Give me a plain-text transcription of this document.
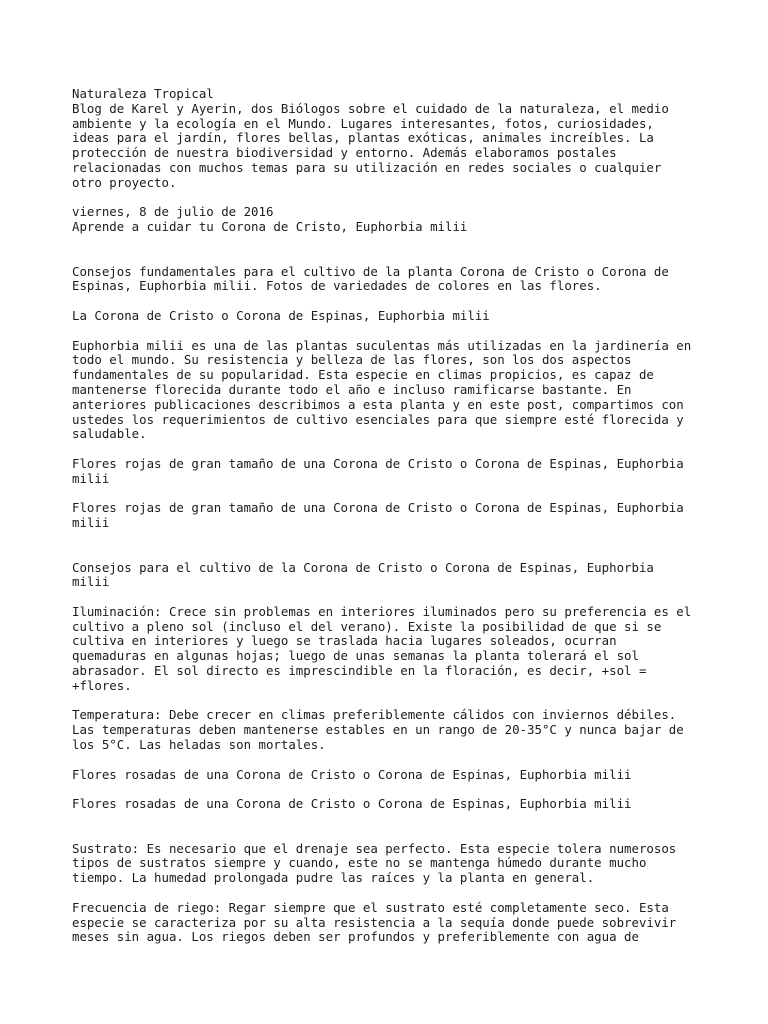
Naturaleza Tropical

Blog de Karel y Ayerin, dos Biólogos sobre el cuidado de la naturaleza, el medio
ambiente y la ecología en el Mundo. Lugares interesantes, fotos, curiosidades,
ideas para el jardín, flores bellas, plantas exóticas, animales increíbles. La
protección de nuestra biodiversidad y entorno. Además elaboramos postales
relacionadas con muchos temas para su utilización en redes sociales o cualquier
otro proyecto.

viernes, 8 de julio de 2016

Aprende a cuidar tu Corona de Cristo, Euphorbia milii

Consejos fundamentales para el cultivo de la planta Corona de Cristo o Corona de
Espinas, Euphorbia milii. Fotos de variedades de colores en las flores.

La Corona de Cristo o Corona de Espinas, Euphorbia milii

Euphorbia milii es una de las plantas suculentas más utilizadas en la jardinería en
todo el mundo. Su resistencia y belleza de las flores, son los dos aspectos
fundamentales de su popularidad. Esta especie en climas propicios, es capaz de
mantenerse florecida durante todo el año e incluso ramificarse bastante. En
anteriores publicaciones describimos a esta planta y en este post, compartimos con
ustedes los requerimientos de cultivo esenciales para que siempre esté florecida y
saludable.

Flores rojas de gran tamaño de una Corona de Cristo o Corona de Espinas, Euphorbia
milii

Flores rojas de gran tamaño de una Corona de Cristo o Corona de Espinas, Euphorbia
milii

Consejos para el cultivo de la Corona de Cristo o Corona de Espinas, Euphorbia
milii

Iluminación: Crece sin problemas en interiores iluminados pero su preferencia es el
cultivo a pleno sol (incluso el del verano). Existe la posibilidad de que si se
cultiva en interiores y luego se traslada hacia lugares soleados, ocurran
quemaduras en algunas hojas; luego de unas semanas la planta tolerará el sol
abrasador. El sol directo es imprescindible en la floración, es decir, +sol =
+flores.

Temperatura: Debe crecer en climas preferiblemente cálidos con inviernos débiles.
Las temperaturas deben mantenerse estables en un rango de 20-35°C y nunca bajar de
los 5°C. Las heladas son mortales.

Flores rosadas de una Corona de Cristo o Corona de Espinas, Euphorbia milii

Flores rosadas de una Corona de Cristo o Corona de Espinas, Euphorbia milii

Sustrato: Es necesario que el drenaje sea perfecto. Esta especie tolera numerosos
tipos de sustratos siempre y cuando, este no se mantenga húmedo durante mucho
tiempo. La humedad prolongada pudre las raíces y la planta en general.

Frecuencia de riego: Regar siempre que el sustrato esté completamente seco. Esta
especie se caracteriza por su alta resistencia a la sequía donde puede sobrevivir
meses sin agua. Los riegos deben ser profundos y preferiblemente con agua de
